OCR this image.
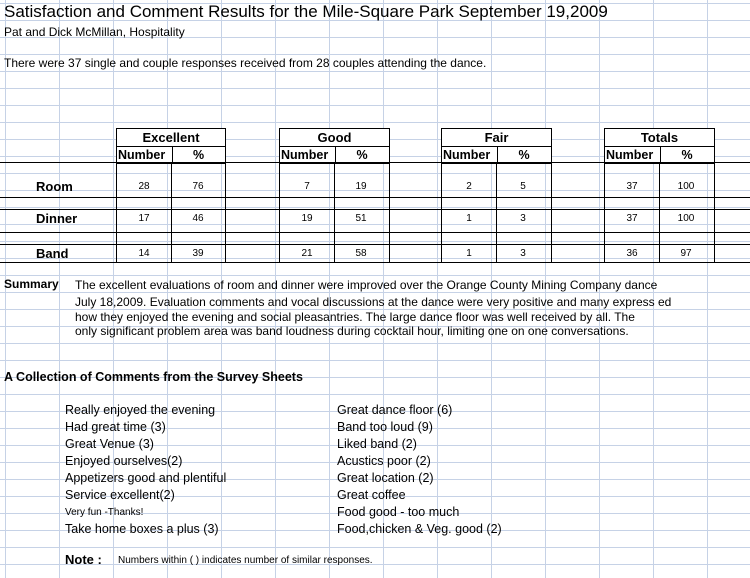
Satisfaction and Comment Results for the Mile-Square Park September 19,2009
Pat and Dick McMillan, Hospitality
There were 37 single and couple responses received from 28 couples attending the dance.
Excellent
Number	%
Good
Number	%
Fair
Number	%
Totals
Number	%
Room	28	76	7	19	2	5	37	100
Dinner	17	46	19	51	1	3	37	100
Band	14	39	21	58	1	3	36	97
Summary The excellent evaluations of room and dinner were improved over the Orange County Mining Company dance
July 18,2009. Evaluation comments and vocal discussions at the dance were very positive and many express ed
how they enjoyed the evening and social pleasantries. The large dance floor was well received by all. The
only significant problem area was band loudness during cocktail hour, limiting one on one conversations.
A Collection of Comments from the Survey Sheets
Really enjoyed the evening
Had great time (3)
Great Venue (3)
Enjoyed ourselves(2)
Appetizers good and plentiful
Service excellent(2)
Very fun -Thanks!
Take home boxes a plus (3)
Great dance floor (6)
Band too loud (9)
Liked band (2)
Acustics poor (2)
Great location (2)
Great coffee
Food good - too much
Food,chicken & Veg. good (2)
Note : Numbers within ( ) indicates number of similar responses.
